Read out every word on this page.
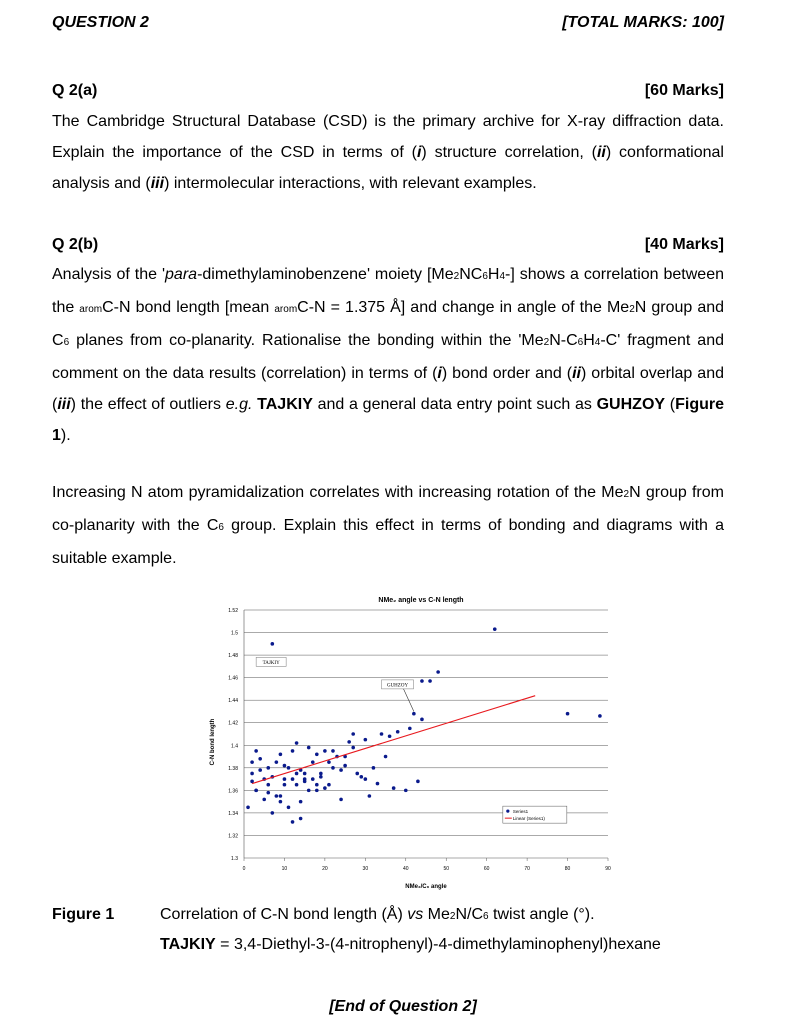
QUESTION 2	[TOTAL MARKS: 100]
Q 2(a)	[60 Marks]
The Cambridge Structural Database (CSD) is the primary archive for X-ray diffraction data. Explain the importance of the CSD in terms of (i) structure correlation, (ii) conformational analysis and (iii) intermolecular interactions, with relevant examples.
Q 2(b)	[40 Marks]
Analysis of the 'para-dimethylaminobenzene' moiety [Me2NC6H4-] shows a correlation between the aromC-N bond length [mean aromC-N = 1.375 Å] and change in angle of the Me2N group and C6 planes from co-planarity. Rationalise the bonding within the 'Me2N-C6H4-C' fragment and comment on the data results (correlation) in terms of (i) bond order and (ii) orbital overlap and (iii) the effect of outliers e.g. TAJKIY and a general data entry point such as GUHZOY (Figure 1).
Increasing N atom pyramidalization correlates with increasing rotation of the Me2N group from co-planarity with the C6 group. Explain this effect in terms of bonding and diagrams with a suitable example.
NMe₂ angle vs C-N length
C-N bond length
NMe₂/C₆ angle
1.3
1.32
1.34
1.36
1.38
1.4
1.42
1.44
1.46
1.48
1.5
1.52
0	10	20	30	40	50	60	70	80	90
TAJKIY
GUHZOY
Series1
Linear (Series1)
Figure 1	Correlation of C-N bond length (Å) vs Me2N/C6 twist angle (°).
TAJKIY = 3,4-Diethyl-3-(4-nitrophenyl)-4-dimethylaminophenyl)hexane
[End of Question 2]
